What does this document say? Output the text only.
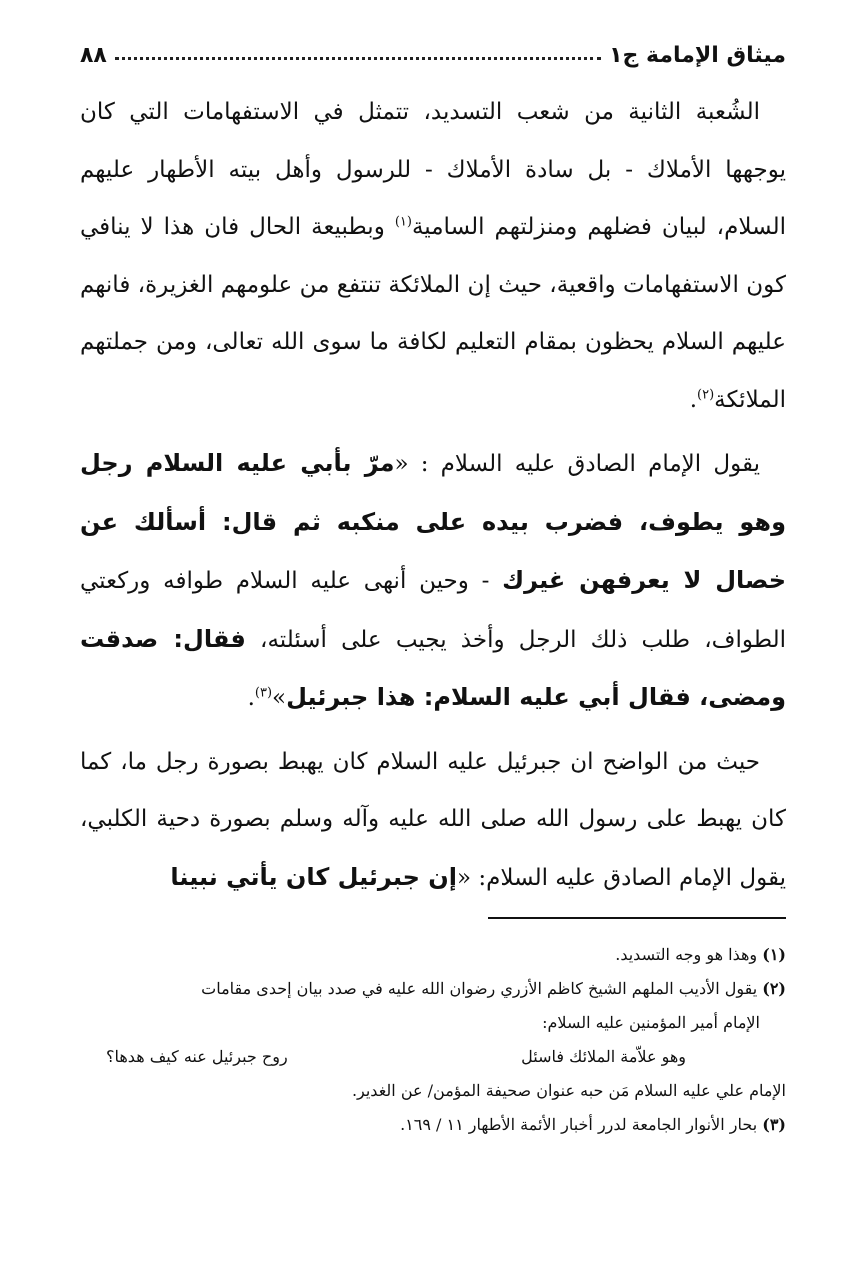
ميثاق الإمامة ج١
٨٨

الشُعبة الثانية من شعب التسديد، تتمثل في الاستفهامات التي كان يوجهها الأملاك - بل سادة الأملاك - للرسول وأهل بيته الأطهار عليهم السلام، لبيان فضلهم ومنزلتهم السامية$^{(١)}$ وبطبيعة الحال فان هذا لا ينافي كون الاستفهامات واقعية، حيث إن الملائكة تنتفع من علومهم الغزيرة، فانهم عليهم السلام يحظون بمقام التعليم لكافة ما سوى الله تعالى، ومن جملتهم الملائكة$^{(٢)}$.

يقول الإمام الصادق عليه السلام : «مرّ بأبي عليه السلام رجل وهو يطوف، فضرب بيده على منكبه ثم قال: أسألك عن خصال لا يعرفهن غيرك - وحين أنهى عليه السلام طوافه وركعتي الطواف، طلب ذلك الرجل وأخذ يجيب على أسئلته، فقال: صدقت ومضى، فقال أبي عليه السلام: هذا جبرئيل»$^{(٣)}$.

حيث من الواضح ان جبرئيل عليه السلام كان يهبط بصورة رجل ما، كما كان يهبط على رسول الله صلى الله عليه وآله وسلم بصورة دحية الكلبي، يقول الإمام الصادق عليه السلام: «إن جبرئيل كان يأتي نبينا

(١) وهذا هو وجه التسديد.

(٢) يقول الأديب الملهم الشيخ كاظم الأزري رضوان الله عليه في صدد بيان إحدى مقامات

الإمام أمير المؤمنين عليه السلام:

وهو علاّمة الملائك فاسئل
روح جبرئيل عنه كيف هدها؟

الإمام علي عليه السلام مَن حبه عنوان صحيفة المؤمن/ عن الغدير.

(٣) بحار الأنوار الجامعة لدرر أخبار الأئمة الأطهار ١١ / ١٦٩.
